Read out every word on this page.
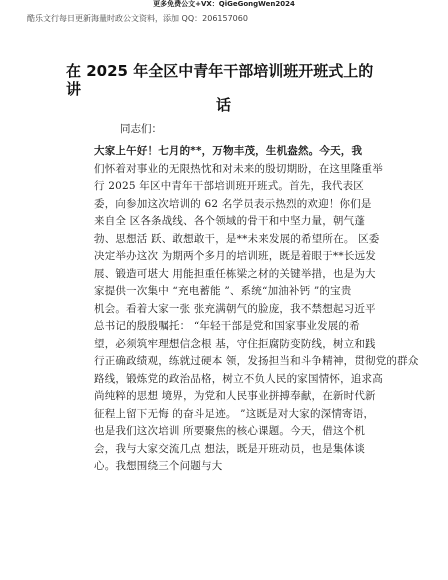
更多免费公文+VX：QiGeGongWen2024
酷乐文行每日更新海量时政公文资料，添加 QQ：206157060
在 2025 年全区中青年干部培训班开班式上的
讲
话
同志们：
大家上午好！七月的**，万物丰茂，生机盎然。今天，我
们怀着对事业的无限热忱和对未来的殷切期盼，在这里隆重举
行 2025 年区中青年干部培训班开班式。首先，我代表区
委，向参加这次培训的 62 名学员表示热烈的欢迎！你们是
来自全 区各条战线、各个领域的骨干和中坚力量，朝气蓬
勃、思想活 跃、敢想敢干，是**未来发展的希望所在。 区委
决定举办这次 为期两个多月的培训班，既是着眼于**长远发
展、锻造可堪大 用能担重任栋梁之材的关键举措，也是为大
家提供一次集中 “充电蓄能 ”、系统“加油补钙 ”的宝贵
机会。看着大家一张 张充满朝气的脸庞，我不禁想起习近平
总书记的殷殷嘱托： “年轻干部是党和国家事业发展的希
望，必须筑牢理想信念根 基，守住拒腐防变防线，树立和践
行正确政绩观，练就过硬本 领，发扬担当和斗争精神，贯彻党的群众
路线，锻炼党的政治品格，树立不负人民的家国情怀，追求高
尚纯粹的思想 境界，为党和人民事业拼搏奉献，在新时代新
征程上留下无悔 的奋斗足迹。 ”这既是对大家的深情寄语，
也是我们这次培训 所要聚焦的核心课题。今天，借这个机
会，我与大家交流几点 想法，既是开班动员，也是集体谈
心。我想围绕三个问题与大
